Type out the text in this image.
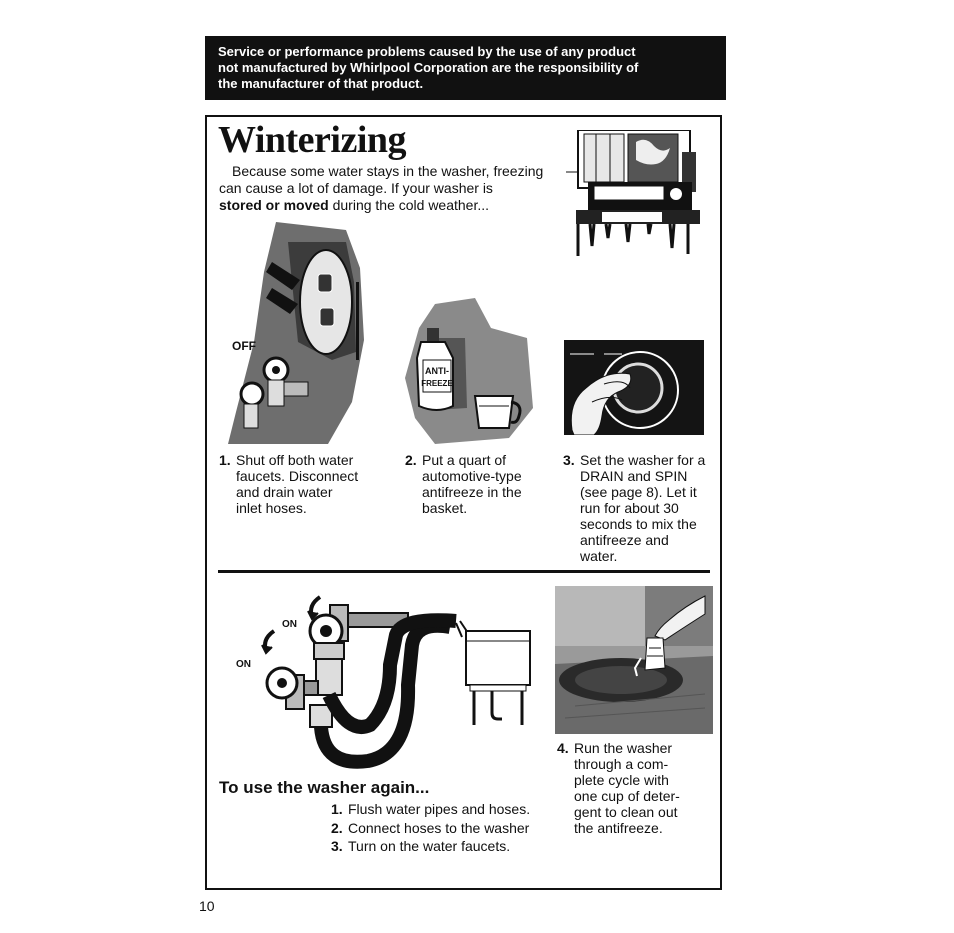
Service or performance problems caused by the use of any product
not manufactured by Whirlpool Corporation are the responsibility of
the manufacturer of that product.
Winterizing
Because some water stays in the washer, freezing
can cause a lot of damage. If your washer is
stored or moved during the cold weather...
OFF
ANTI-
FREEZE
1. Shut off both water
faucets. Disconnect
and drain water
inlet hoses.
2. Put a quart of
automotive-type
antifreeze in the
basket.
3. Set the washer for a
DRAIN and SPIN
(see page 8). Let it
run for about 30
seconds to mix the
antifreeze and
water.
ON
ON
4. Run the washer
through a com-
plete cycle with
one cup of deter-
gent to clean out
the antifreeze.
To use the washer again...
1. Flush water pipes and hoses.
2. Connect hoses to the washer
3. Turn on the water faucets.
10
